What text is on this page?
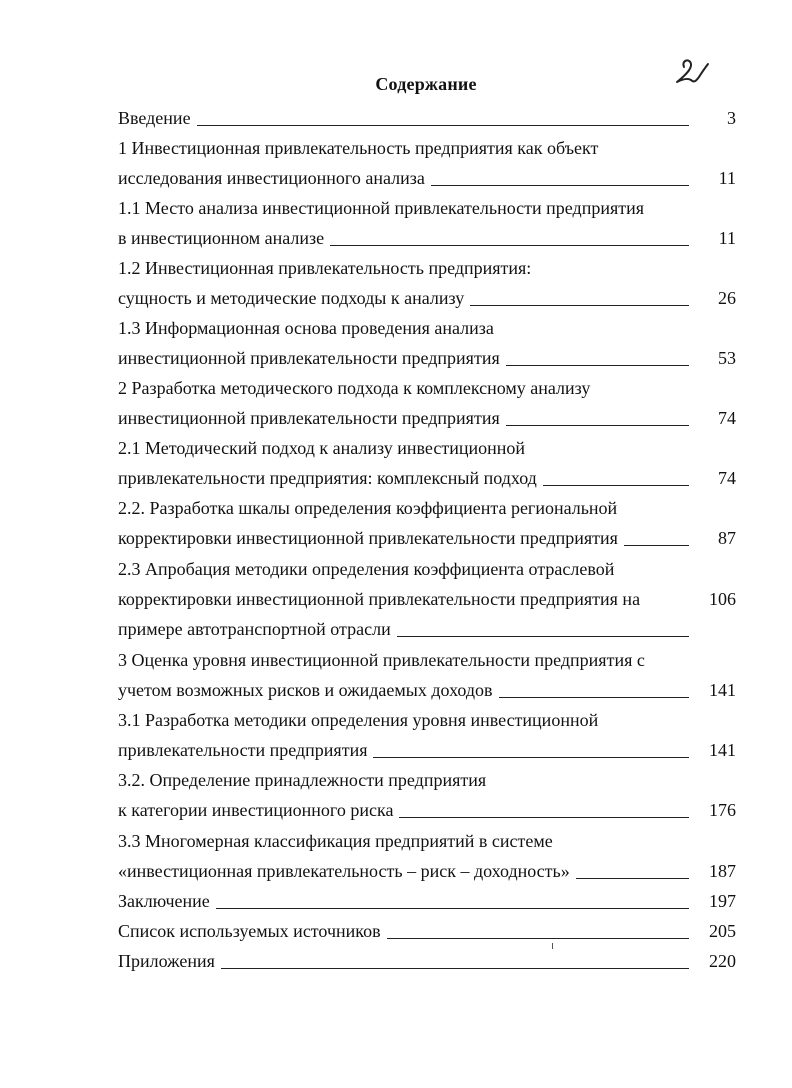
Содержание
Введение	3
1 Инвестиционная привлекательность предприятия как объект
исследования инвестиционного анализа	11
1.1 Место анализа инвестиционной привлекательности предприятия
в инвестиционном анализе	11
1.2 Инвестиционная привлекательность предприятия:
сущность и методические подходы к анализу	26
1.3 Информационная основа проведения анализа
инвестиционной привлекательности предприятия	53
2 Разработка методического подхода к комплексному анализу
инвестиционной привлекательности предприятия	74
2.1 Методический подход к анализу инвестиционной
привлекательности предприятия: комплексный подход	74
2.2. Разработка шкалы определения коэффициента региональной
корректировки инвестиционной привлекательности предприятия	87
2.3 Апробация методики определения коэффициента отраслевой
корректировки инвестиционной привлекательности предприятия на	106
примере автотранспортной отрасли
3 Оценка уровня инвестиционной привлекательности предприятия с
учетом возможных рисков и ожидаемых доходов	141
3.1 Разработка методики определения уровня инвестиционной
привлекательности предприятия	141
3.2. Определение принадлежности предприятия
к категории инвестиционного риска	176
3.3 Многомерная классификация предприятий в системе
«инвестиционная привлекательность – риск – доходность»	187
Заключение	197
Список используемых источников	205
Приложения	220
